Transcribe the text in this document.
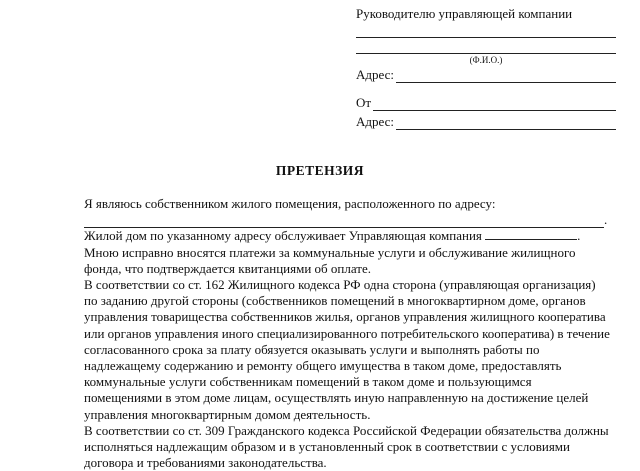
Руководителю управляющей компании
(Ф.И.О.)
Адрес:
От
Адрес:
ПРЕТЕНЗИЯ

Я являюсь собственником жилого помещения, расположенного по адресу:

.

Жилой дом по указанному адресу обслуживает Управляющая компания	.

Мною исправно вносятся платежи за коммунальные услуги и обслуживание жилищного фонда, что подтверждается квитанциями об оплате.

В соответствии со ст. 162 Жилищного кодекса РФ одна сторона (управляющая организация) по заданию другой стороны (собственников помещений в многоквартирном доме, органов управления товарищества собственников жилья, органов управления жилищного кооператива или органов управления иного специализированного потребительского кооператива) в течение согласованного срока за плату обязуется оказывать услуги и выполнять работы по надлежащему содержанию и ремонту общего имущества в таком доме, предоставлять коммунальные услуги собственникам помещений в таком доме и пользующимся помещениями в этом доме лицам, осуществлять иную направленную на достижение целей управления многоквартирным домом деятельность.

В соответствии со ст. 309 Гражданского кодекса Российской Федерации обязательства должны исполняться надлежащим образом и в установленный срок в соответствии с условиями договора и требованиями законодательства.
